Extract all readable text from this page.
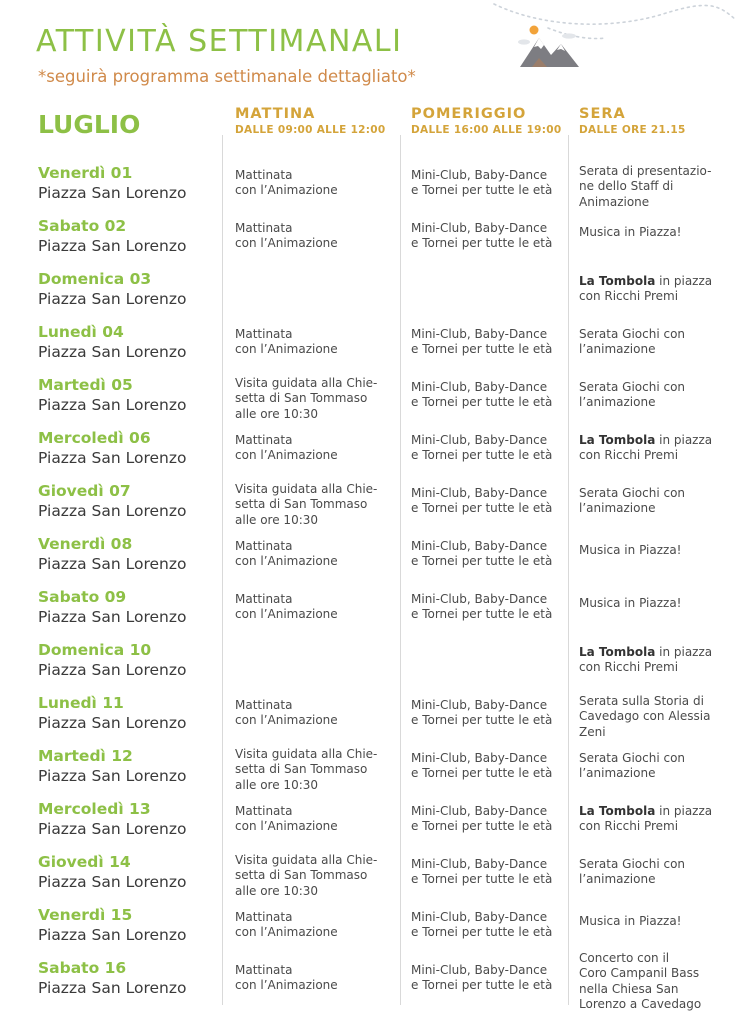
ATTIVITÀ SETTIMANALI
*seguirà programma settimanale dettagliato*
LUGLIO	MATTINA
DALLE 09:00 ALLE 12:00
POMERIGGIO
DALLE 16:00 ALLE 19:00
SERA
DALLE ORE 21.15
Venerdì 01
Piazza San Lorenzo
Mattinata
con l’Animazione
Mini-Club, Baby-Dance
e Tornei per tutte le età
Serata di presentazio-
ne dello Staff di
Animazione
Sabato 02
Piazza San Lorenzo
Mattinata
con l’Animazione
Mini-Club, Baby-Dance
e Tornei per tutte le età
Musica in Piazza!
Domenica 03
Piazza San Lorenzo
La Tombola in piazza
con Ricchi Premi
Lunedì 04
Piazza San Lorenzo
Mattinata
con l’Animazione
Mini-Club, Baby-Dance
e Tornei per tutte le età
Serata Giochi con
l’animazione
Martedì 05
Piazza San Lorenzo
Visita guidata alla Chie-
setta di San Tommaso
alle ore 10:30
Mini-Club, Baby-Dance
e Tornei per tutte le età
Serata Giochi con
l’animazione
Mercoledì 06
Piazza San Lorenzo
Mattinata
con l’Animazione
Mini-Club, Baby-Dance
e Tornei per tutte le età
La Tombola in piazza
con Ricchi Premi
Giovedì 07
Piazza San Lorenzo
Visita guidata alla Chie-
setta di San Tommaso
alle ore 10:30
Mini-Club, Baby-Dance
e Tornei per tutte le età
Serata Giochi con
l’animazione
Venerdì 08
Piazza San Lorenzo
Mattinata
con l’Animazione
Mini-Club, Baby-Dance
e Tornei per tutte le età
Musica in Piazza!
Sabato 09
Piazza San Lorenzo
Mattinata
con l’Animazione
Mini-Club, Baby-Dance
e Tornei per tutte le età
Musica in Piazza!
Domenica 10
Piazza San Lorenzo
La Tombola in piazza
con Ricchi Premi
Lunedì 11
Piazza San Lorenzo
Mattinata
con l’Animazione
Mini-Club, Baby-Dance
e Tornei per tutte le età
Serata sulla Storia di
Cavedago con Alessia
Zeni
Martedì 12
Piazza San Lorenzo
Visita guidata alla Chie-
setta di San Tommaso
alle ore 10:30
Mini-Club, Baby-Dance
e Tornei per tutte le età
Serata Giochi con
l’animazione
Mercoledì 13
Piazza San Lorenzo
Mattinata
con l’Animazione
Mini-Club, Baby-Dance
e Tornei per tutte le età
La Tombola in piazza
con Ricchi Premi
Giovedì 14
Piazza San Lorenzo
Visita guidata alla Chie-
setta di San Tommaso
alle ore 10:30
Mini-Club, Baby-Dance
e Tornei per tutte le età
Serata Giochi con
l’animazione
Venerdì 15
Piazza San Lorenzo
Mattinata
con l’Animazione
Mini-Club, Baby-Dance
e Tornei per tutte le età
Musica in Piazza!
Sabato 16
Piazza San Lorenzo
Mattinata
con l’Animazione
Mini-Club, Baby-Dance
e Tornei per tutte le età
Concerto con il
Coro Campanil Bass
nella Chiesa San
Lorenzo a Cavedago
